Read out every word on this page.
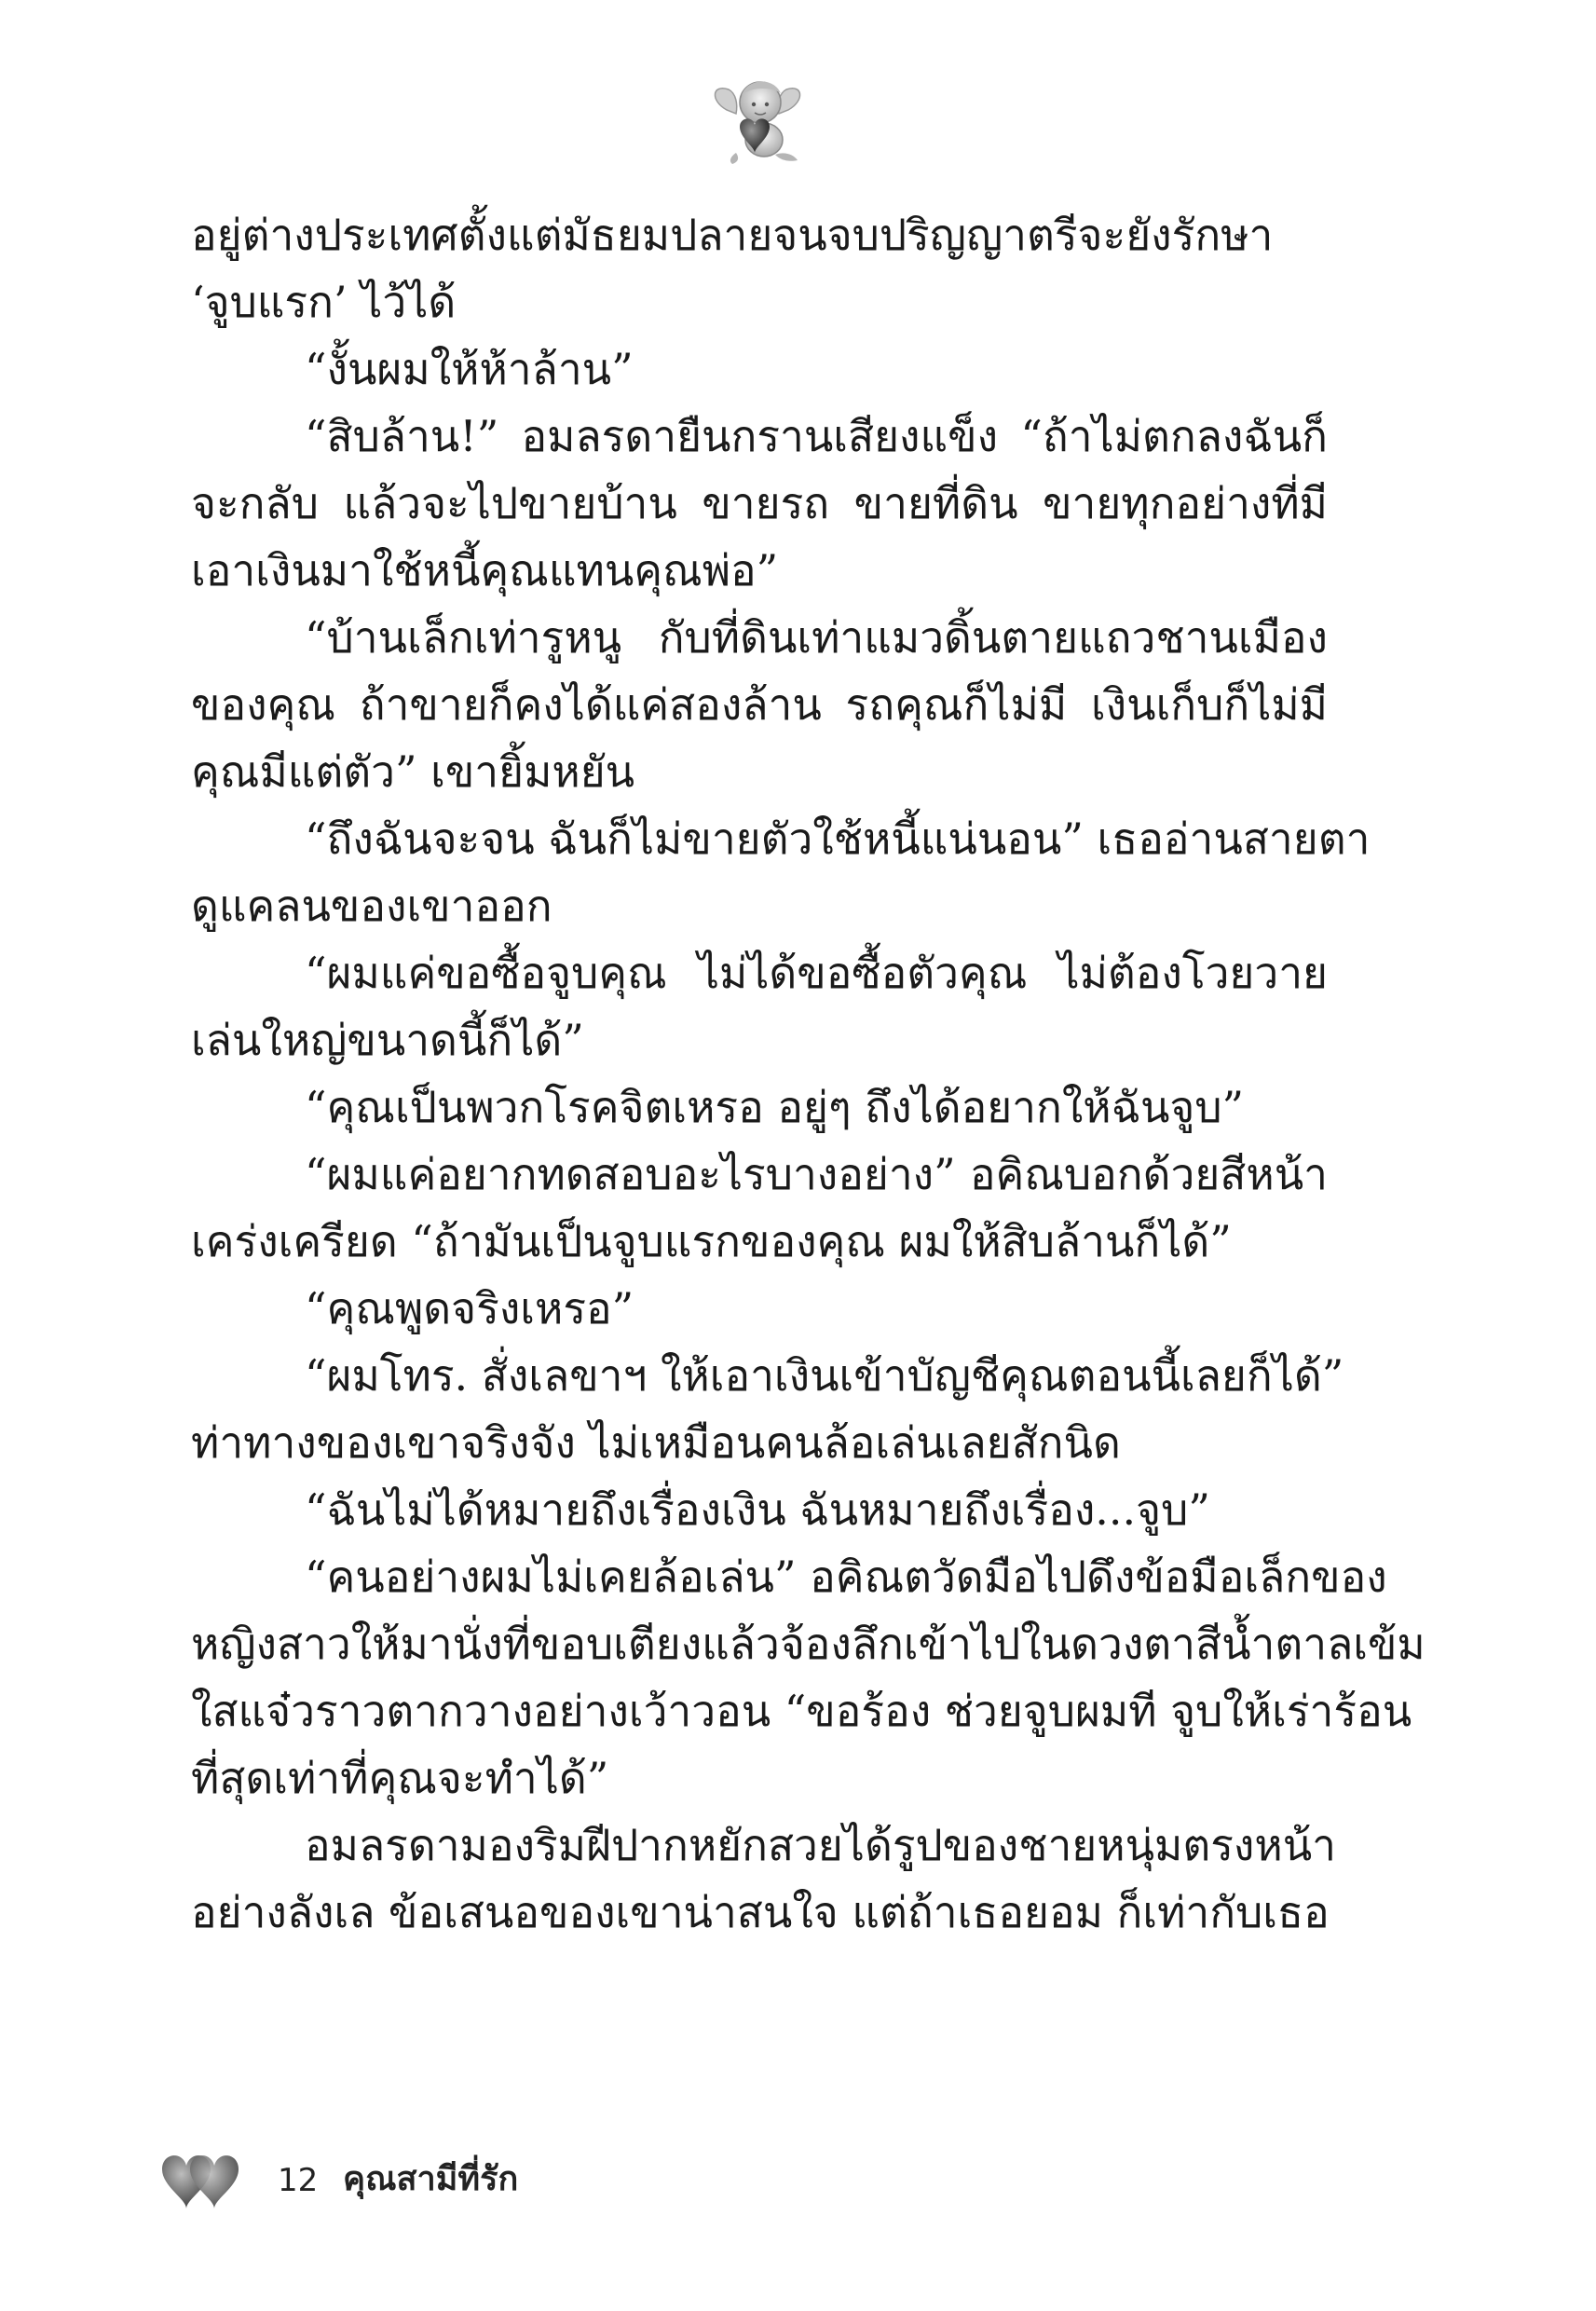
อยู่ต่างประเทศตั้งแต่มัธยมปลายจนจบปริญญาตรีจะยังรักษา
‘จูบแรก’ ไว้ได้
“งั้นผมให้ห้าล้าน”
“สิบล้าน!” อมลรดายืนกรานเสียงแข็ง “ถ้าไม่ตกลงฉันก็
จะกลับ แล้วจะไปขายบ้าน ขายรถ ขายที่ดิน ขายทุกอย่างที่มี
เอาเงินมาใช้หนี้คุณแทนคุณพ่อ”
“บ้านเล็กเท่ารูหนู กับที่ดินเท่าแมวดิ้นตายแถวชานเมือง
ของคุณ ถ้าขายก็คงได้แค่สองล้าน รถคุณก็ไม่มี เงินเก็บก็ไม่มี
คุณมีแต่ตัว” เขายิ้มหยัน
“ถึงฉันจะจน ฉันก็ไม่ขายตัวใช้หนี้แน่นอน” เธออ่านสายตา
ดูแคลนของเขาออก
“ผมแค่ขอซื้อจูบคุณ ไม่ได้ขอซื้อตัวคุณ ไม่ต้องโวยวาย
เล่นใหญ่ขนาดนี้ก็ได้”
“คุณเป็นพวกโรคจิตเหรอ อยู่ๆ ถึงได้อยากให้ฉันจูบ”
“ผมแค่อยากทดสอบอะไรบางอย่าง” อคิณบอกด้วยสีหน้า
เคร่งเครียด “ถ้ามันเป็นจูบแรกของคุณ ผมให้สิบล้านก็ได้”
“คุณพูดจริงเหรอ”
“ผมโทร. สั่งเลขาฯ ให้เอาเงินเข้าบัญชีคุณตอนนี้เลยก็ได้”
ท่าทางของเขาจริงจัง ไม่เหมือนคนล้อเล่นเลยสักนิด
“ฉันไม่ได้หมายถึงเรื่องเงิน ฉันหมายถึงเรื่อง...จูบ”
“คนอย่างผมไม่เคยล้อเล่น” อคิณตวัดมือไปดึงข้อมือเล็กของ
หญิงสาวให้มานั่งที่ขอบเตียงแล้วจ้องลึกเข้าไปในดวงตาสีน้ำตาลเข้ม
ใสแจ๋วราวตากวางอย่างเว้าวอน “ขอร้อง ช่วยจูบผมที จูบให้เร่าร้อน
ที่สุดเท่าที่คุณจะทำได้”
อมลรดามองริมฝีปากหยักสวยได้รูปของชายหนุ่มตรงหน้า
อย่างลังเล ข้อเสนอของเขาน่าสนใจ แต่ถ้าเธอยอม ก็เท่ากับเธอ
12 คุณสามีที่รัก
